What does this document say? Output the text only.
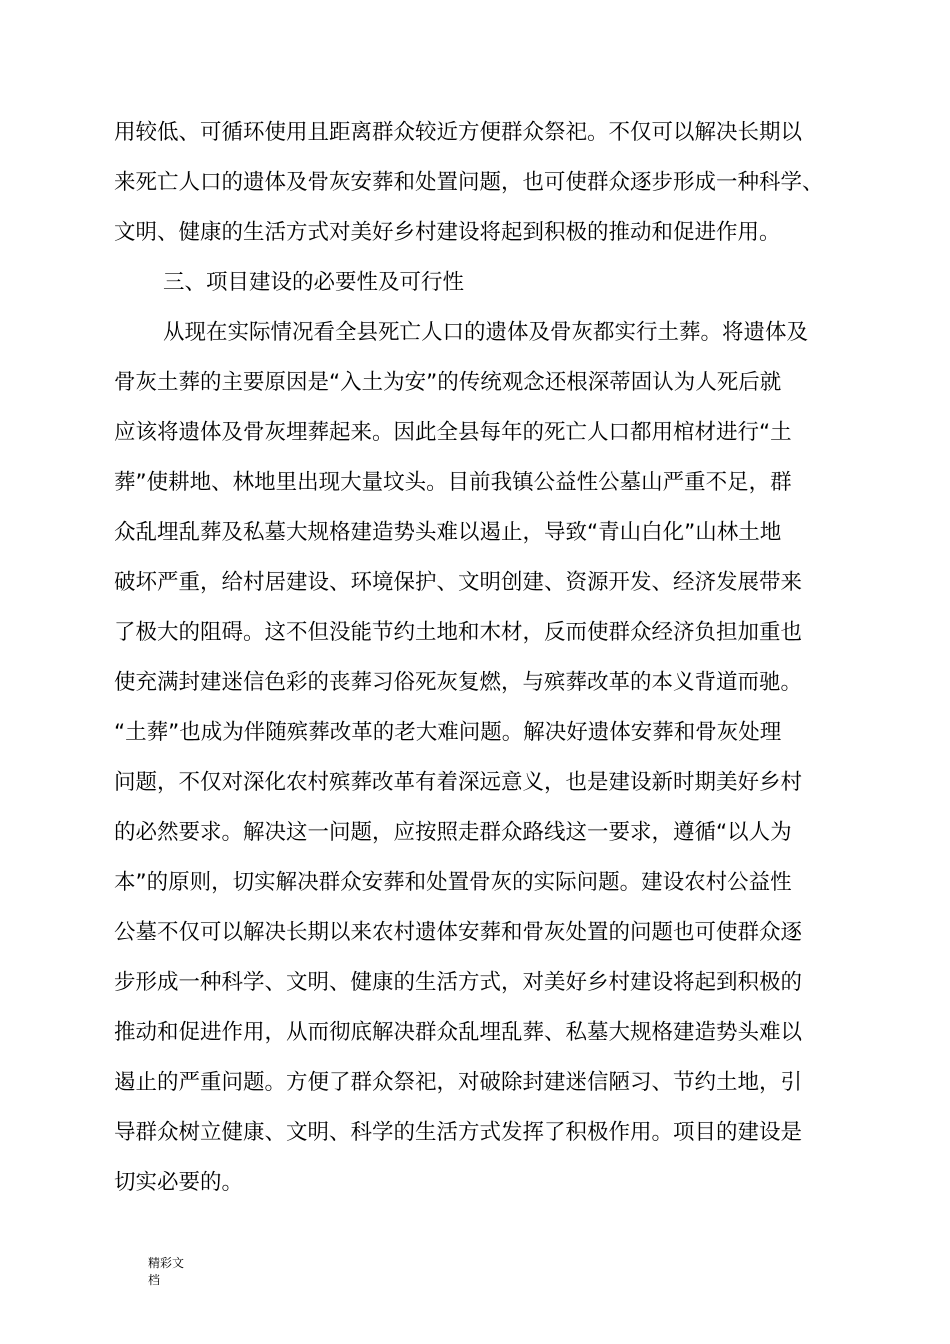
用较低、可循环使用且距离群众较近方便群众祭祀。不仅可以解决长期以
来死亡人口的遗体及骨灰安葬和处置问题，也可使群众逐步形成一种科学、
文明、健康的生活方式对美好乡村建设将起到积极的推动和促进作用。
三、项目建设的必要性及可行性
从现在实际情况看全县死亡人口的遗体及骨灰都实行土葬。将遗体及
骨灰土葬的主要原因是“入土为安”的传统观念还根深蒂固认为人死后就
应该将遗体及骨灰埋葬起来。因此全县每年的死亡人口都用棺材进行“土
葬”使耕地、林地里出现大量坟头。目前我镇公益性公墓山严重不足，群
众乱埋乱葬及私墓大规格建造势头难以遏止，导致“青山白化”山林土地
破坏严重，给村居建设、环境保护、文明创建、资源开发、经济发展带来
了极大的阻碍。这不但没能节约土地和木材，反而使群众经济负担加重也
使充满封建迷信色彩的丧葬习俗死灰复燃，与殡葬改革的本义背道而驰。
“土葬”也成为伴随殡葬改革的老大难问题。解决好遗体安葬和骨灰处理
问题，不仅对深化农村殡葬改革有着深远意义，也是建设新时期美好乡村
的必然要求。解决这一问题，应按照走群众路线这一要求，遵循“以人为
本”的原则，切实解决群众安葬和处置骨灰的实际问题。建设农村公益性
公墓不仅可以解决长期以来农村遗体安葬和骨灰处置的问题也可使群众逐
步形成一种科学、文明、健康的生活方式，对美好乡村建设将起到积极的
推动和促进作用，从而彻底解决群众乱埋乱葬、私墓大规格建造势头难以
遏止的严重问题。方便了群众祭祀，对破除封建迷信陋习、节约土地，引
导群众树立健康、文明、科学的生活方式发挥了积极作用。项目的建设是
切实必要的。
精彩文
档
